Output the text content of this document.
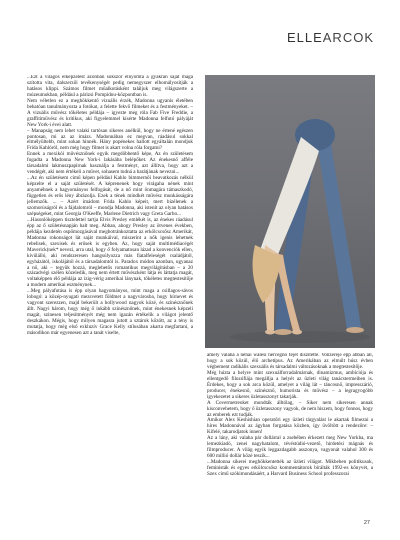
ELLEARCOK

...Ezt a világos elképzelést azonban sokszor elnyomta a gyakran saját maga szította vita, dalszerzői tevékenységét pedig nemegyszer elhomályosítják a hatásos klippi. Számos filmet műalkotásként találjuk meg világszerte a múzeumokban, például a párizsi Pompidou-központban is.

Nem véletlen ez a meghökkentő vizuális érzék, Madonna ugyanis életében behatóan tanulmányozta a fotókat, a felette fekvő filmeket és a festményeket. – A vizuális művész tökéletes példája – igyezte meg róla Fab Five Freddie, a graffitiművész és kritikus, aki figyelemmel kísérte Madonna felfutó pályáját New York-i évei alatt.

– Manapság nem lehet valaki tartósan sikeres anélkül, hogy ne értené egészen pontosan, mi az az imázs. Madonnában ez megvan, ráadásul sokkal elmélyültebb, mint sokan hinnék. Hány popénekes hallott egyáltalán mondjuk Frida Kahlóról, nem még hogy filmet is akart volna róla forgatni?

Ennek a mexikói művésznőnek egyik megdöbbentő képe, Az én születésem fogadta a Madonna New York-i lakásába belépőket. Az énekesnő afféle társadalmi lakmuszpapírnak használja a festményt, azt állítva, hogy azt a vendégét, aki nem értékeli a művet, sohasem tudná a barátjának nevezni...

...Az én születésem című képen például Kahlo bimmernői beavatkozás nélkül képzelte el a saját születését. A képrenenek hogy virágaha nének mint anyaméhnek a hagyományos felfogását, de a nő mint önmagára támaszkodó, független és erős lény ábrázolja. Ezek a tének mindkét művész munkásságára jellemzők. ... – Azért imádom Frida Kahlo képeit, mert bízélenek a szomorúságról és a fájdalomról – mondja Madonna, aki istenít az olyan hatásos szépségeket, mint Georgia O'Keeffe, Marlene Dietrich vagy Greta Garbo...

...Hasonlóképpen tisztelettel tartja Elvis Presley emlékét is, az énekes ráadásul épp az ő születésnapján halt meg. Abban, ahogy Presley az ötvenes években, példája kezdetén ospőmozgásával megbotránkoztatta az erkölcscsősz Amerikát, Madonna rokonságot lát saját munkáival, miszerint a nők igenis lehetnek rebelisek, szexisek és erősek is egyben. Az, hogy saját multimédiacégét Maverick(nek* nevezi, arra utal, hogy ő folyamatosan lázad a konvenciók ellen, kívülálló, aki rendszeresen hangsúlyozza más fiatalfeleségét családjától, egyházától, iskolájától és a társadalomtól is. Paradox módon azonban, ugyanaz a nő, aki – tegyük hozzá, meglehetős romantikus megvilágításban – a 20 századvégi szélen közeledik, meg nem értett művészként látja és láttatja magát, voltaképpen élő példája az ízig-vérig amerikai lánynak, tökéletes megtestesítője a modern amerikai eszménynek...

...Meg pályafutása is épp olyan hagyományos, mint maga a csillagos-sávos lobogó: a közép-nyugati mezsvetett földmet a nagyvárosba, hogy hírnevet és vagyont szerezzen, majd bekerült a hollywood nagyok közé, és színésznőnek állt. Nagyi három, hogy még ő inkább színésznőnek, mint énekesnek képzeli magát, szinesen teljesítményét még nem igazán értékelik a világot jelentő deszkákon. Mégis, hogy milyen magasra jutott a sztárok között, az a tény is mutatja, hogy még első exkluzív Grace Kelly stílusában akarta megfartani, a másodikon már egyenesen azt a tanát viselte,

amely valaha a néhai walesi hercegnő fejét díszítette. Vonzereje épp abban áll, hogy a sok közül, élő archetípus. Az Amerikában az elmúlt húsz évben végbement radikális szexuális és társadalmi változásoknak a megtestesítője.

Még húzta a helyre mint szexuálforradalmárnak, dinamizmus, ambíciója és ellentgedő filozófiája megállja a helyét az üzleti világ tanácstermeiben is. Érdekes, hogy a sok arca közül, amelyet a világ lát – táncosnő, impresszárió, producer, énekesnő, színésznő, humorista és művész – a legragyogóbb igyekezetet a sikeres üzletasszonyt takarják.

A Covermetreoket mondták álltólag, – Siker nem sikeresen annak kisconvehetem, hogy ő üzletasszony vagyok, de nem hiszem, hogy fonnos, hogy az emberek ezt tudják.

Amikor Alex Keshishian operatőri egy üzleti tárgyalást le akartak filmezni a híres Madonnával az ágyban forgatása közben, így üvöltött a rendezőre: – Kifelé, takarodjatok innen!

Az a lány, aki valaha pár dollárral a zsebében érkezett meg New Yorkba, ma lemezkiadó, zenei nagyhatalom, tévéstúdió-vezető, hirdetési mágnás és filmproducer. A világ egyik leggazdagabb asszonya, vagyonát valahol 300 és 600 millió dollár közé teszik...

...Madonna sikerei meghökkentették az üzleti világot. Mikbeben politikusok, feministák és egyes erkölcscsősz kommentátorok bírálták 1992-es könyvét, a Szex című szókimondásáért, a Harvard Business School professzorai

27
